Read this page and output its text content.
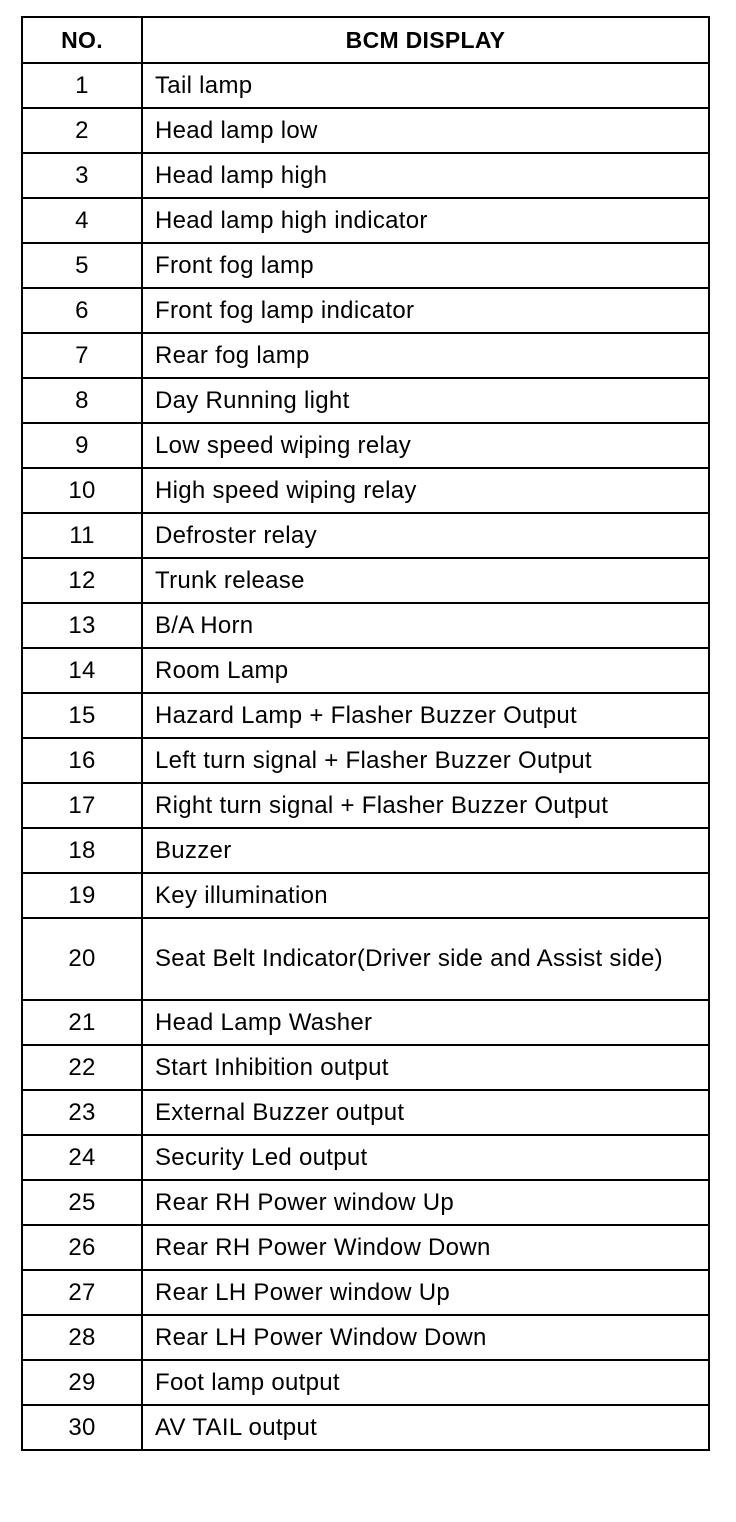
NO.	BCM DISPLAY
1	Tail lamp
2	Head lamp low
3	Head lamp high
4	Head lamp high indicator
5	Front fog lamp
6	Front fog lamp indicator
7	Rear fog lamp
8	Day Running light
9	Low speed wiping relay
10	High speed wiping relay
11	Defroster relay
12	Trunk release
13	B/A Horn
14	Room Lamp
15	Hazard Lamp + Flasher Buzzer Output
16	Left turn signal + Flasher Buzzer Output
17	Right turn signal + Flasher Buzzer Output
18	Buzzer
19	Key illumination
20	Seat Belt Indicator(Driver side and Assist side)
21	Head Lamp Washer
22	Start Inhibition output
23	External Buzzer output
24	Security Led output
25	Rear RH Power window Up
26	Rear RH Power Window Down
27	Rear LH Power window Up
28	Rear LH Power Window Down
29	Foot lamp output
30	AV TAIL output
